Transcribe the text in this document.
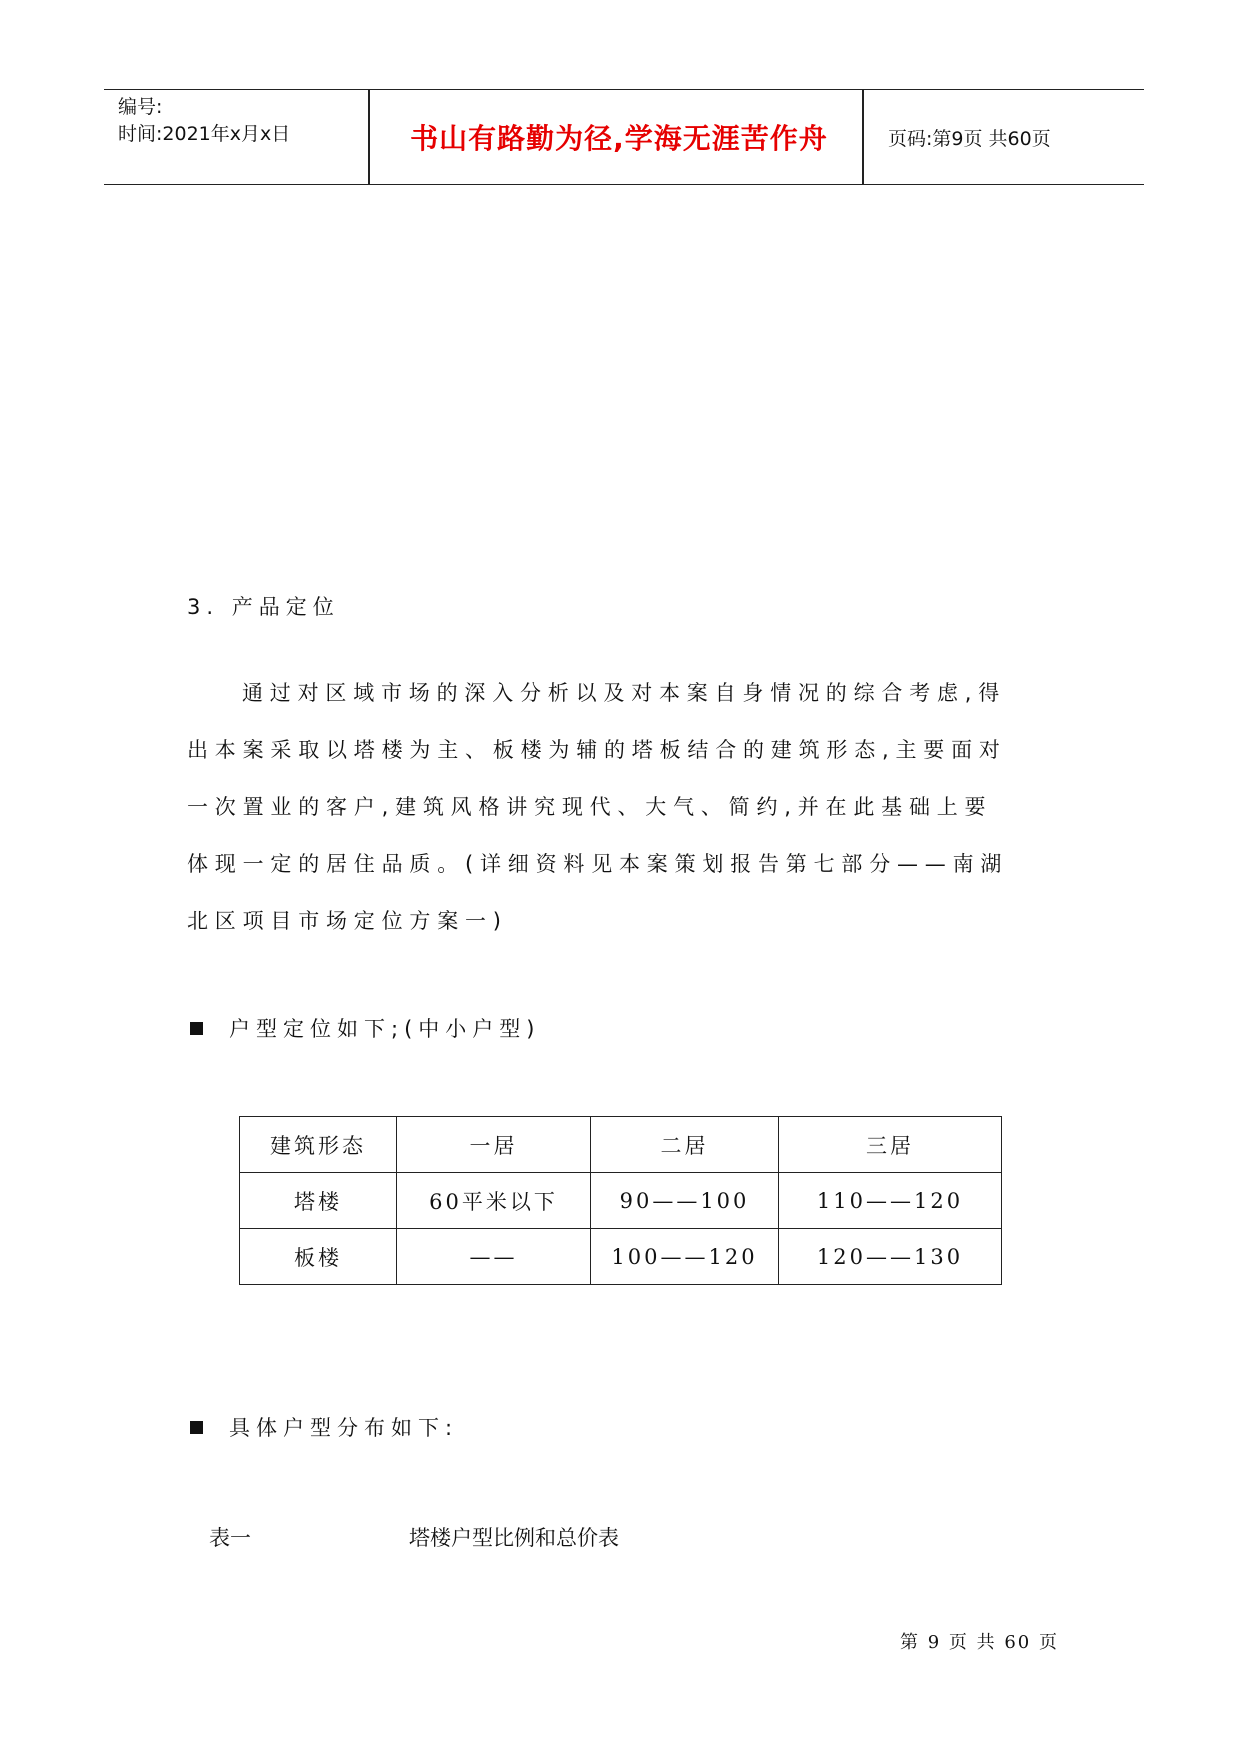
编号:
时间:2021年x月x日	书山有路勤为径,学海无涯苦作舟	页码:第9页 共60页
3. 产品定位
通过对区域市场的深入分析以及对本案自身情况的综合考虑,得
出本案采取以塔楼为主、板楼为辅的塔板结合的建筑形态,主要面对
一次置业的客户,建筑风格讲究现代、大气、简约,并在此基础上要
体现一定的居住品质。(详细资料见本案策划报告第七部分——南湖
北区项目市场定位方案一)
户型定位如下;(中小户型)
建筑形态	一居	二居	三居
塔楼	60平米以下	90——100	110——120
板楼	——	100——120	120——130
具体户型分布如下:
表一	塔楼户型比例和总价表
第 9 页 共 60 页
